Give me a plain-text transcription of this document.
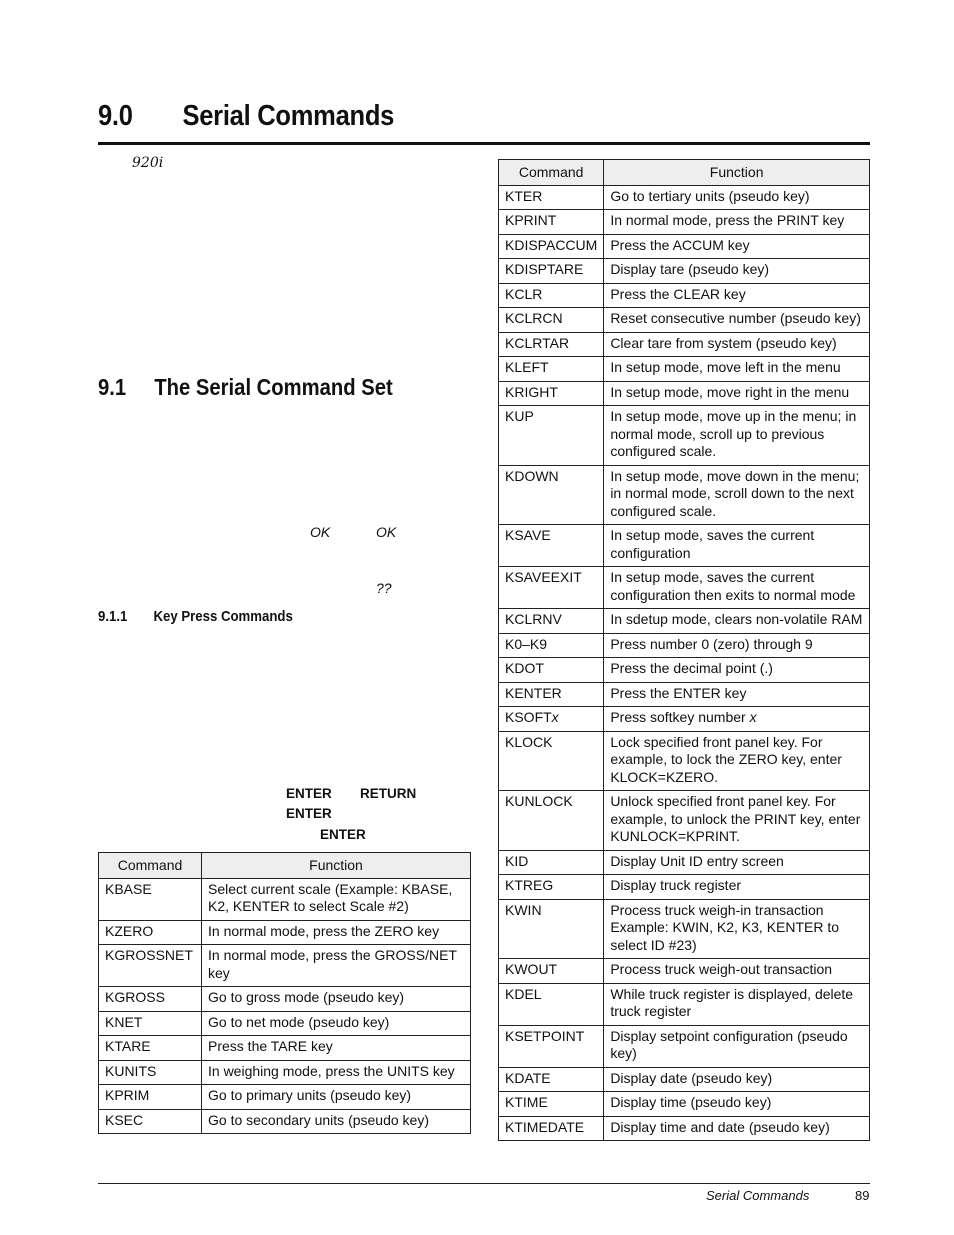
9.0 Serial Commands
920i
9.1 The Serial Command Set
OK	OK
??
9.1.1 Key Press Commands
ENTER RETURN
ENTER
ENTER
Command	Function
KBASE	Select current scale (Example: KBASE, K2, KENTER to select Scale #2)
KZERO	In normal mode, press the ZERO key
KGROSSNET	In normal mode, press the GROSS/NET key
KGROSS	Go to gross mode (pseudo key)
KNET	Go to net mode (pseudo key)
KTARE	Press the TARE key
KUNITS	In weighing mode, press the UNITS key
KPRIM	Go to primary units (pseudo key)
KSEC	Go to secondary units (pseudo key)
Command	Function
KTER	Go to tertiary units (pseudo key)
KPRINT	In normal mode, press the PRINT key
KDISPACCUM	Press the ACCUM key
KDISPTARE	Display tare (pseudo key)
KCLR	Press the CLEAR key
KCLRCN	Reset consecutive number (pseudo key)
KCLRTAR	Clear tare from system (pseudo key)
KLEFT	In setup mode, move left in the menu
KRIGHT	In setup mode, move right in the menu
KUP	In setup mode, move up in the menu; in normal mode, scroll up to previous configured scale.
KDOWN	In setup mode, move down in the menu; in normal mode, scroll down to the next configured scale.
KSAVE	In setup mode, saves the current configuration
KSAVEEXIT	In setup mode, saves the current configuration then exits to normal mode
KCLRNV	In sdetup mode, clears non-volatile RAM
K0–K9	Press number 0 (zero) through 9
KDOT	Press the decimal point (.)
KENTER	Press the ENTER key
KSOFTx	Press softkey number x
KLOCK	Lock specified front panel key. For example, to lock the ZERO key, enter KLOCK=KZERO.
KUNLOCK	Unlock specified front panel key. For example, to unlock the PRINT key, enter KUNLOCK=KPRINT.
KID	Display Unit ID entry screen
KTREG	Display truck register
KWIN	Process truck weigh-in transaction Example: KWIN, K2, K3, KENTER to select ID #23)
KWOUT	Process truck weigh-out transaction
KDEL	While truck register is displayed, delete truck register
KSETPOINT	Display setpoint configuration (pseudo key)
KDATE	Display date (pseudo key)
KTIME	Display time (pseudo key)
KTIMEDATE	Display time and date (pseudo key)
Serial Commands	89
